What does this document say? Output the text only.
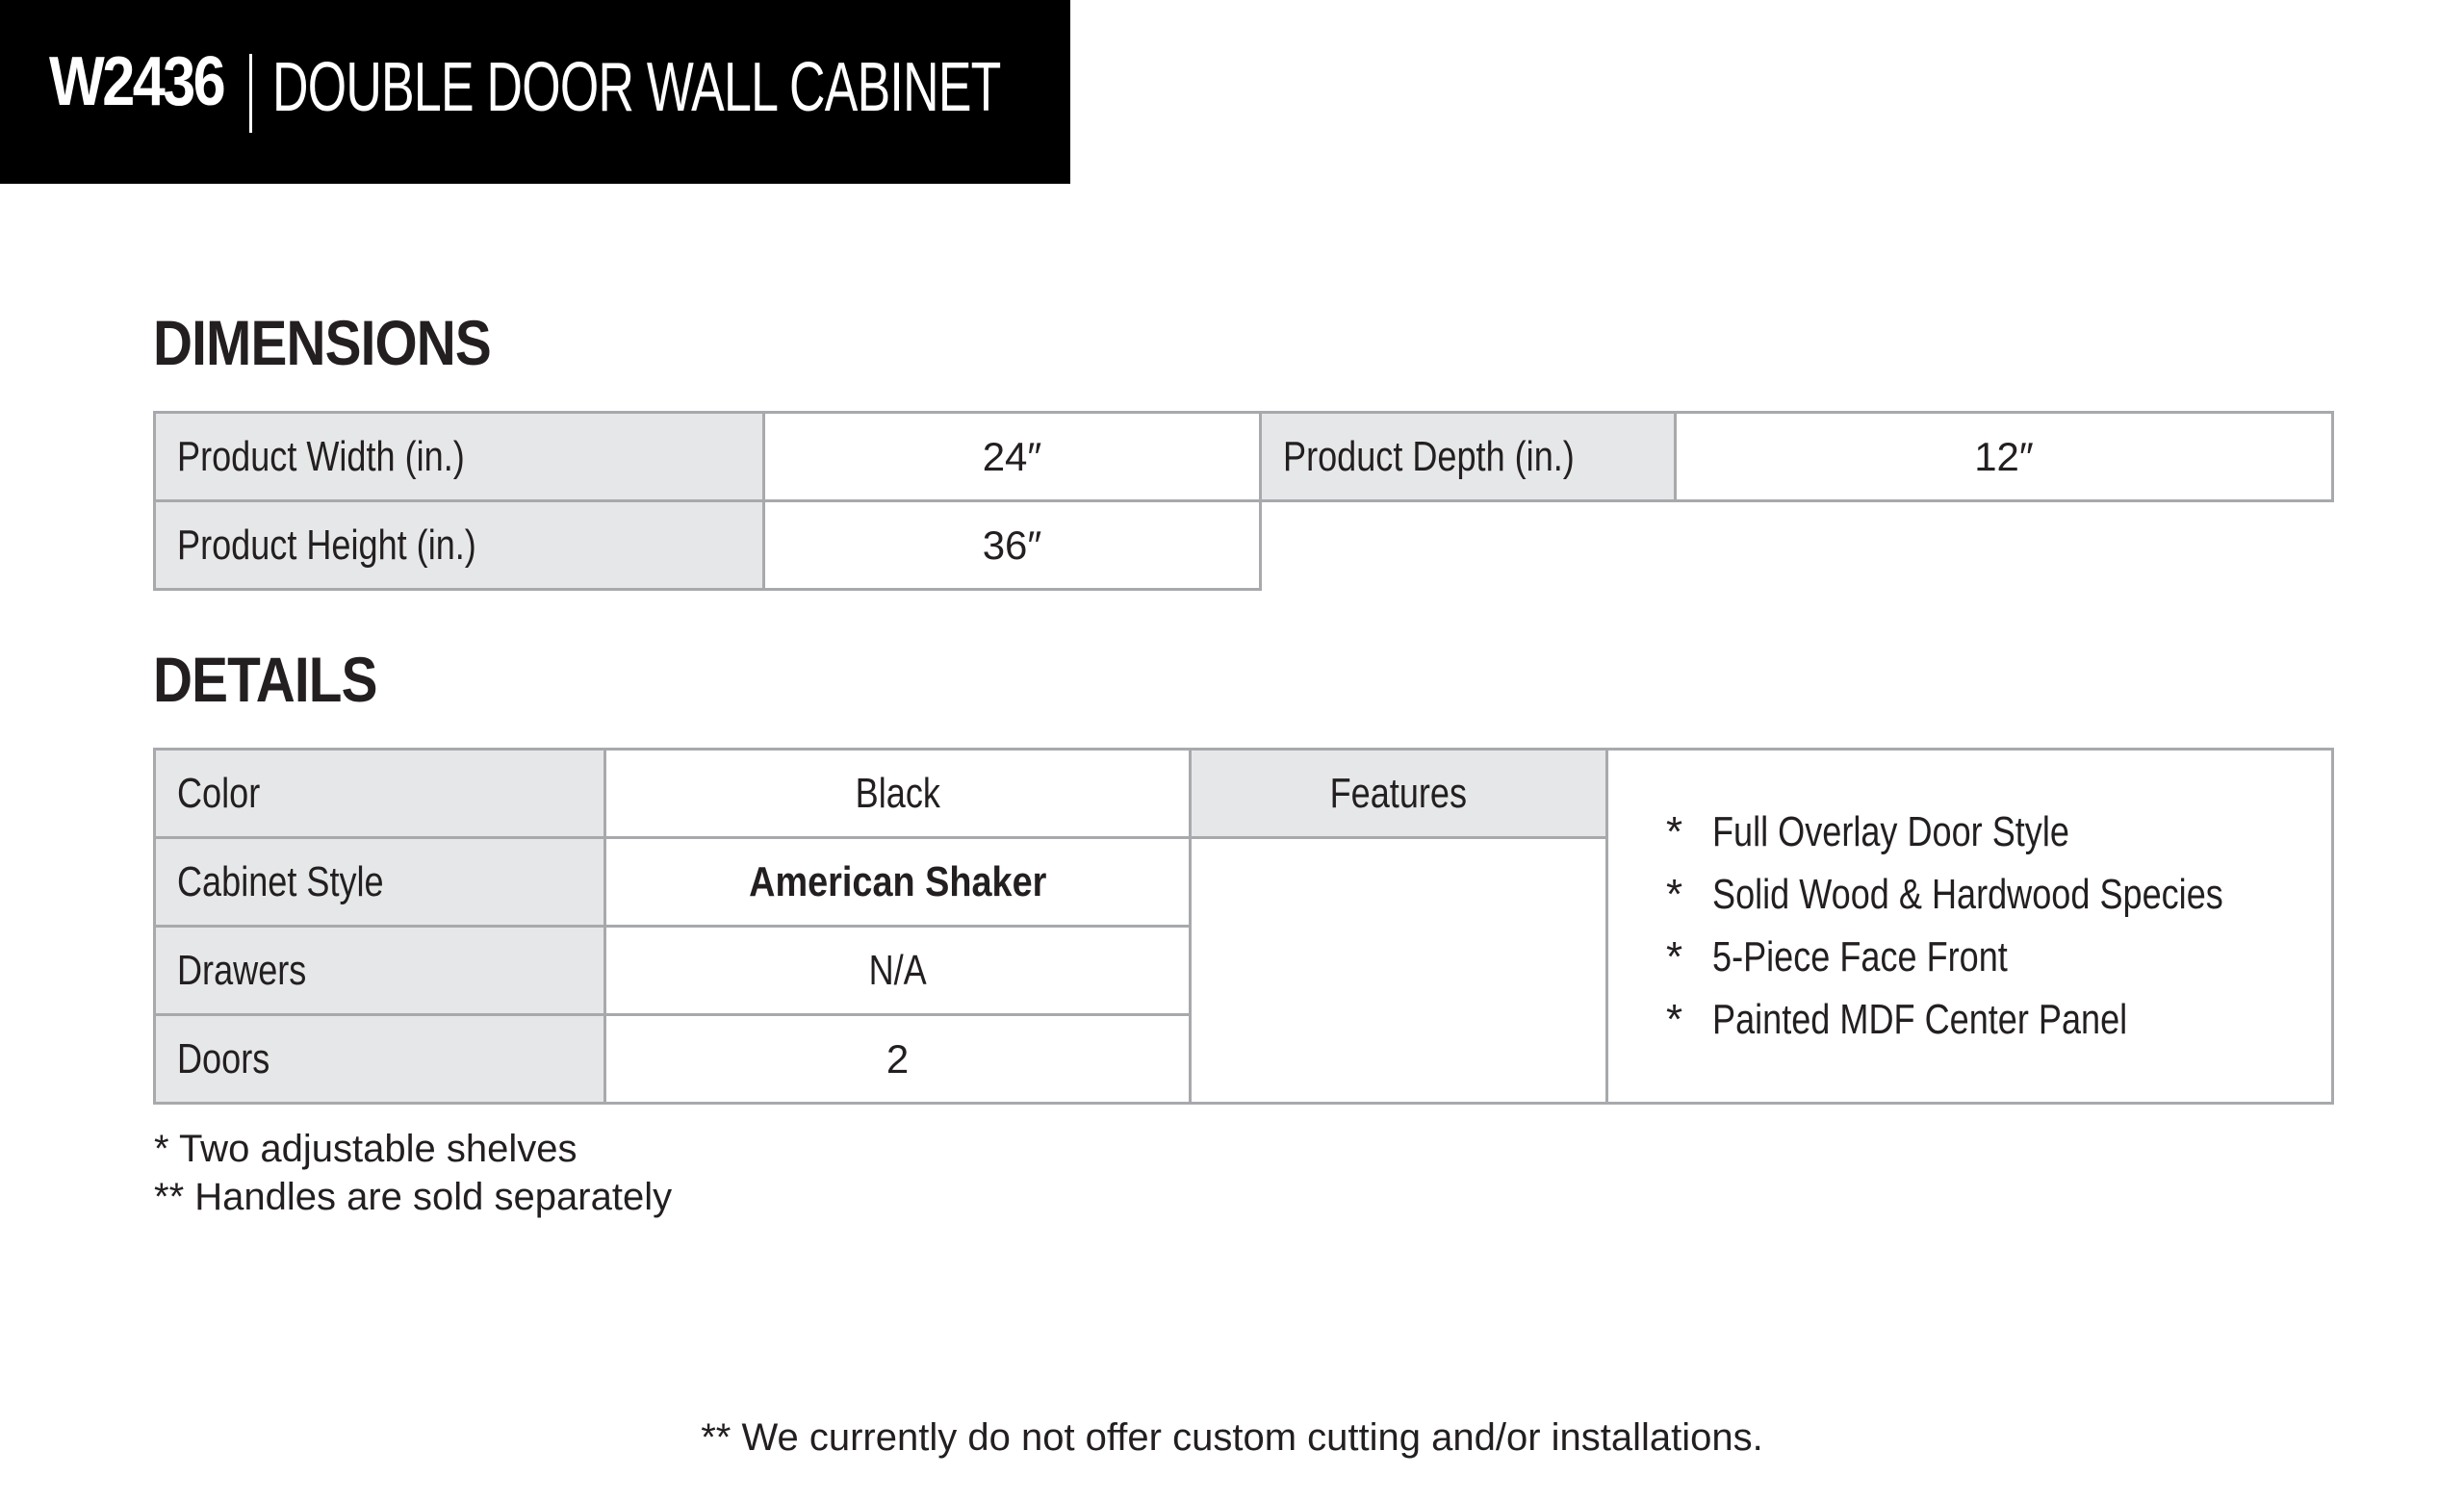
W2436 DOUBLE DOOR WALL CABINET
DIMENSIONS
Product Width (in.)	24″	Product Depth (in.)	12″
Product Height (in.)	36″
DETAILS
Color	Black
Cabinet Style	American Shaker
Drawers	N/A
Doors	2
Features
* Full Overlay Door Style
* Solid Wood & Hardwood Species
* 5-Piece Face Front
* Painted MDF Center Panel
* Two adjustable shelves
** Handles are sold separately
** We currently do not offer custom cutting and/or installations.
